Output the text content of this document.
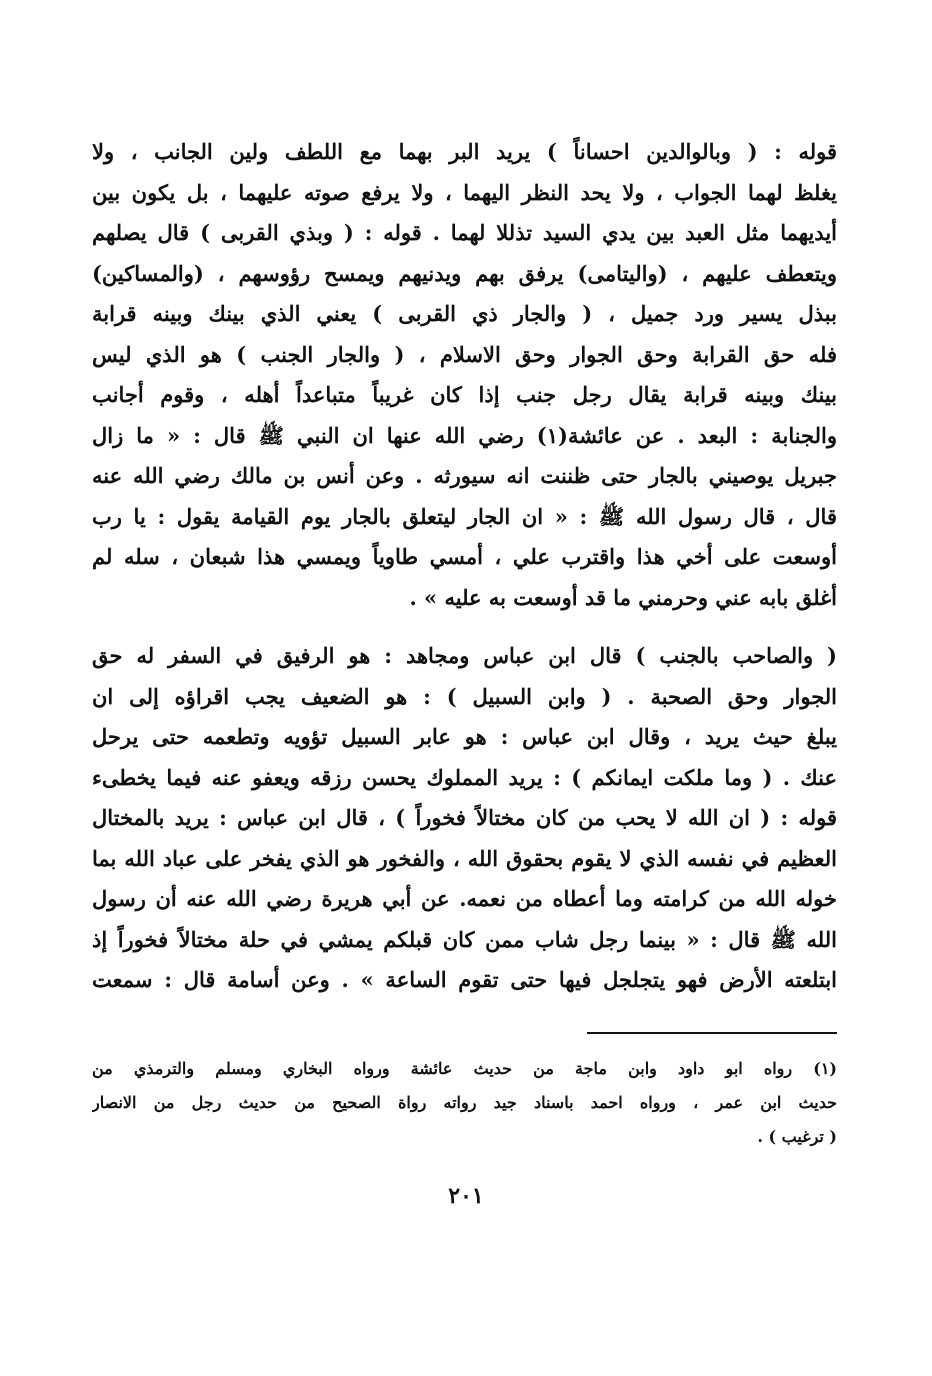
قوله : ( وبالوالدين احساناً ) يريد البر بهما مع اللطف ولين الجانب ، ولا
يغلظ لهما الجواب ، ولا يحد النظر اليهما ، ولا يرفع صوته عليهما ، بل يكون بين
أيديهما مثل العبد بين يدي السيد تذللا لهما . قوله : ( وبذي القربى ) قال يصلهم
ويتعطف عليهم ، (واليتامى) يرفق بهم ويدنيهم ويمسح رؤوسهم ، (والمساكين)
ببذل يسير ورد جميل ، ( والجار ذي القربى ) يعني الذي بينك وبينه قرابة
فله حق القرابة وحق الجوار وحق الاسلام ، ( والجار الجنب ) هو الذي ليس
بينك وبينه قرابة يقال رجل جنب إذا كان غريباً متباعداً أهله ، وقوم أجانب
والجنابة : البعد . عن عائشة(١) رضي الله عنها ان النبي ﷺ قال : « ما زال
جبريل يوصيني بالجار حتى ظننت انه سيورثه . وعن أنس بن مالك رضي الله عنه
قال ، قال رسول الله ﷺ : « ان الجار ليتعلق بالجار يوم القيامة يقول : يا رب
أوسعت على أخي هذا واقترب علي ، أمسي طاوياً ويمسي هذا شبعان ، سله لم
أغلق بابه عني وحرمني ما قد أوسعت به عليه » .
( والصاحب بالجنب ) قال ابن عباس ومجاهد : هو الرفيق في السفر له حق
الجوار وحق الصحبة . ( وابن السبيل ) : هو الضعيف يجب اقراؤه إلى ان
يبلغ حيث يريد ، وقال ابن عباس : هو عابر السبيل تؤويه وتطعمه حتى يرحل
عنك . ( وما ملكت ايمانكم ) : يريد المملوك يحسن رزقه ويعفو عنه فيما يخطىء
قوله : ( ان الله لا يحب من كان مختالاً فخوراً ) ، قال ابن عباس : يريد بالمختال
العظيم في نفسه الذي لا يقوم بحقوق الله ، والفخور هو الذي يفخر على عباد الله بما
خوله الله من كرامته وما أعطاه من نعمه. عن أبي هريرة رضي الله عنه أن رسول
الله ﷺ قال : « بينما رجل شاب ممن كان قبلكم يمشي في حلة مختالاً فخوراً إذ
ابتلعته الأرض فهو يتجلجل فيها حتى تقوم الساعة » . وعن أسامة قال : سمعت
(١) رواه ابو داود وابن ماجة من حديث عائشة ورواه البخاري ومسلم والترمذي من
حديث ابن عمر ، ورواه احمد باسناد جيد رواته رواة الصحيح من حديث رجل من الانصار
( ترغيب ) .
٢٠١
